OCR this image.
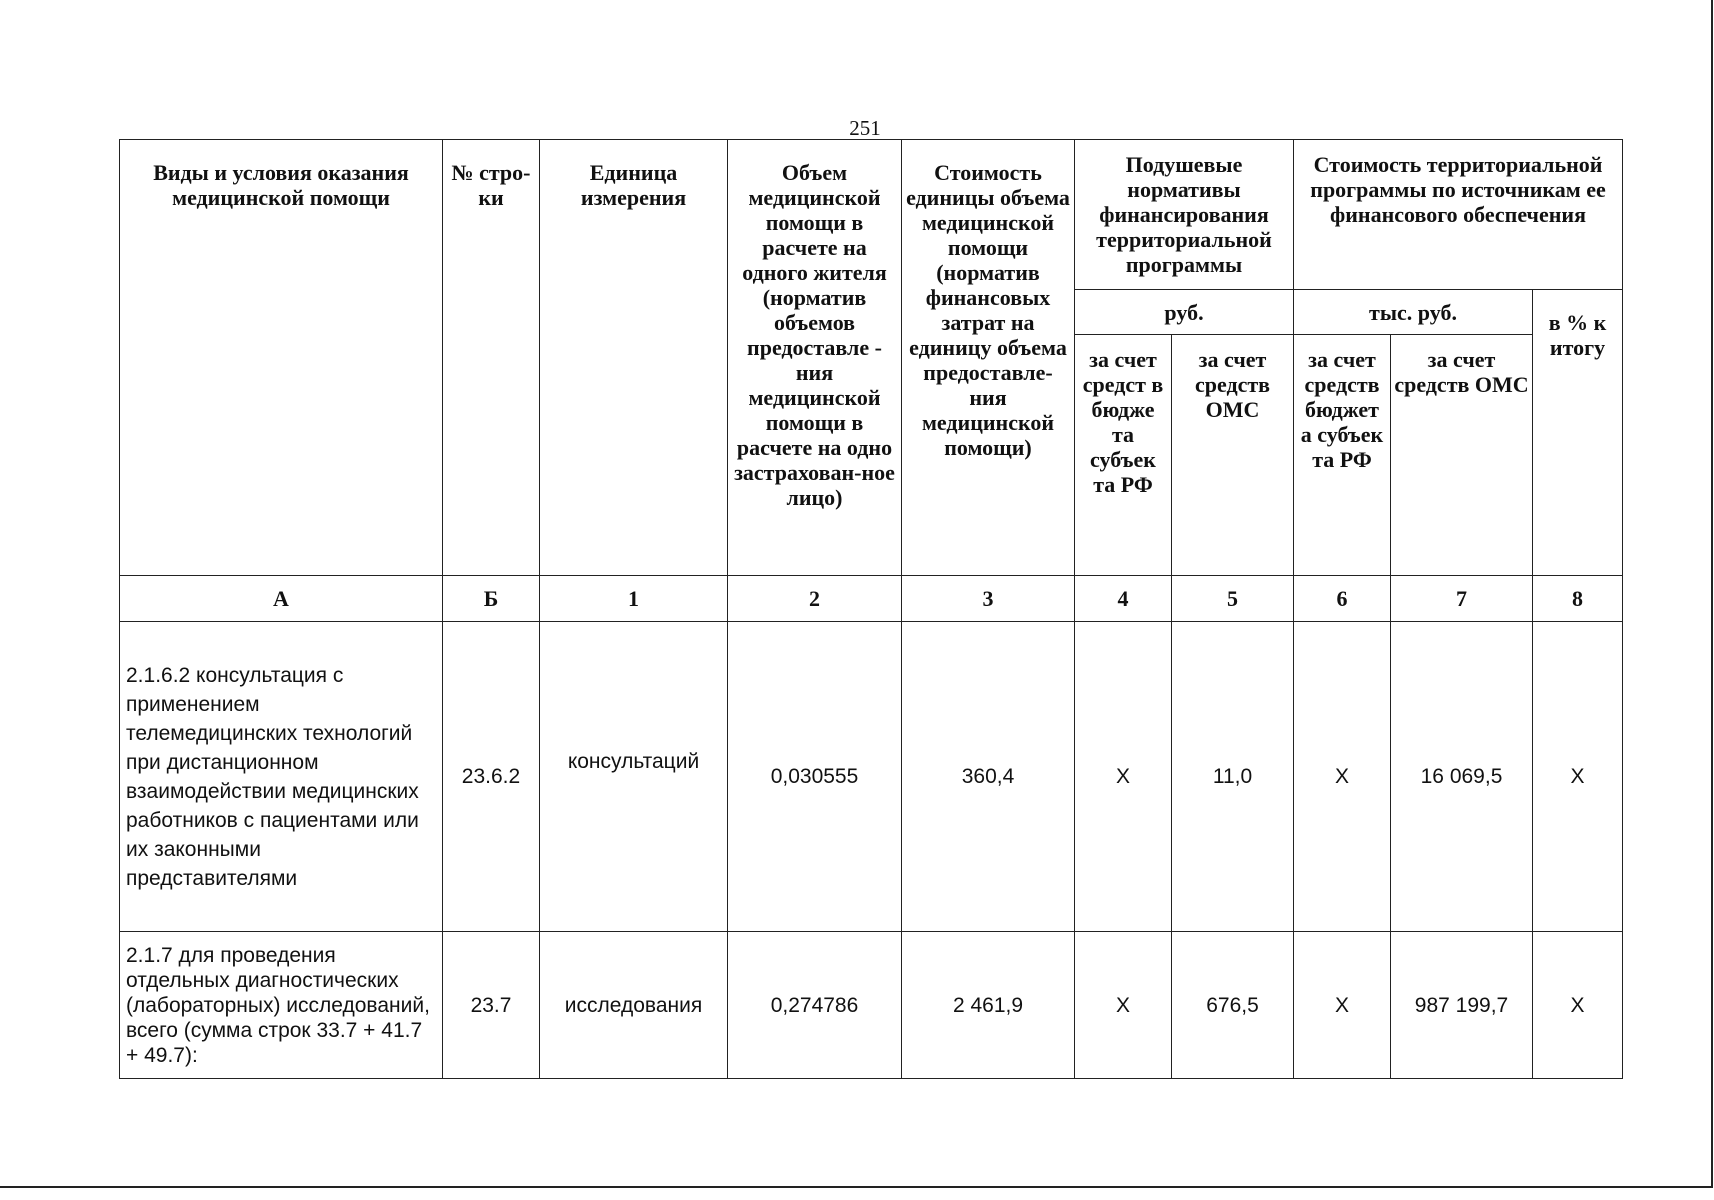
251
Виды и условия оказания медицинской помощи	№ стро-ки	Единица измерения	Объем медицинской помощи в расчете на одного жителя (норматив объемов предоставле - ния медицинской помощи в расчете на одно застрахован-ное лицо)	Стоимость единицы объема медицинской помощи (норматив финансовых затрат на единицу объема предоставле-ния медицинской помощи)	Подушевые нормативы финансирования территориальной программы		Стоимость территориальной программы по источникам ее финансового обеспечения		
					руб.		тыс. руб.		в % к итогу
					за счет средст в бюдже та субъек та РФ	за счет средств ОМС	за счет средств бюджет а субъек та РФ	за счет средств ОМС	
А	Б	1	2	3	4	5	6	7	8
2.1.6.2 консультация с применением телемедицинских технологий при дистанционном взаимодействии медицинских работников с пациентами или их законными представителями	23.6.2	консультаций	0,030555	360,4	Х	11,0	Х	16 069,5	Х
2.1.7 для проведения отдельных диагностических (лабораторных) исследований, всего (сумма строк 33.7 + 41.7 + 49.7):	23.7	исследования	0,274786	2 461,9	Х	676,5	Х	987 199,7	Х
